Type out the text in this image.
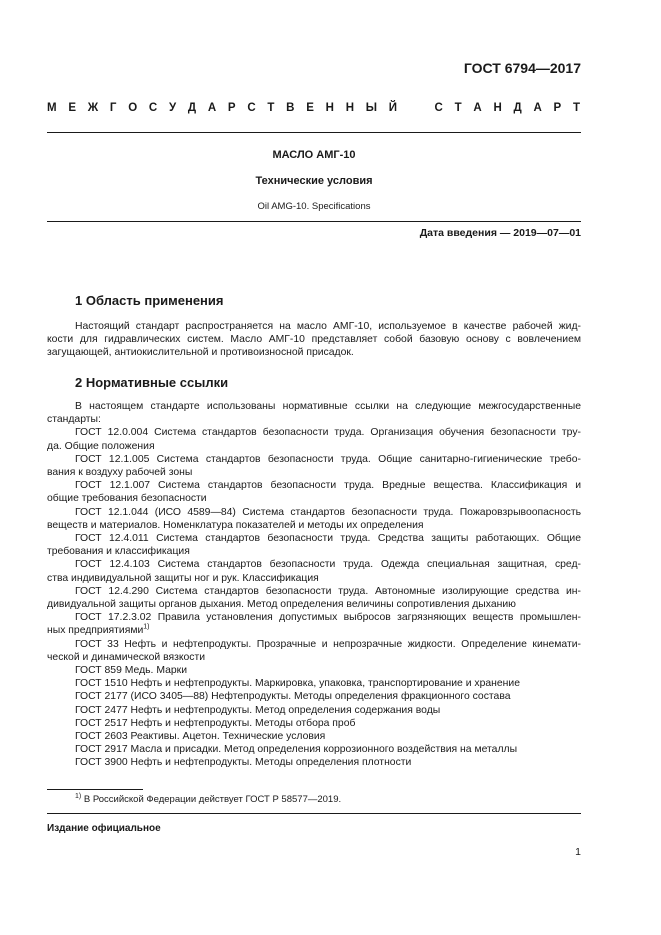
ГОСТ 6794—2017
М Е Ж Г О С У Д А Р С Т В Е Н Н Ы Й	С Т А Н Д А Р Т
МАСЛО АМГ-10
Технические условия
Oil AMG-10. Specifications
Дата введения — 2019—07—01
1 Область применения
Настоящий стандарт распространяется на масло АМГ-10, используемое в качестве рабочей жид-
кости для гидравлических систем. Масло АМГ-10 представляет собой базовую основу с вовлечением
загущающей, антиокислительной и противоизносной присадок.
2 Нормативные ссылки
В настоящем стандарте использованы нормативные ссылки на следующие межгосударственные
стандарты:
ГОСТ 12.0.004 Система стандартов безопасности труда. Организация обучения безопасности тру-
да. Общие положения
ГОСТ 12.1.005 Система стандартов безопасности труда. Общие санитарно-гигиенические требо-
вания к воздуху рабочей зоны
ГОСТ 12.1.007 Система стандартов безопасности труда. Вредные вещества. Классификация и
общие требования безопасности
ГОСТ 12.1.044 (ИСО 4589—84) Система стандартов безопасности труда. Пожаровзрывоопасность
веществ и материалов. Номенклатура показателей и методы их определения
ГОСТ 12.4.011 Система стандартов безопасности труда. Средства защиты работающих. Общие
требования и классификация
ГОСТ 12.4.103 Система стандартов безопасности труда. Одежда специальная защитная, сред-
ства индивидуальной защиты ног и рук. Классификация
ГОСТ 12.4.290 Система стандартов безопасности труда. Автономные изолирующие средства ин-
дивидуальной защиты органов дыхания. Метод определения величины сопротивления дыханию
ГОСТ 17.2.3.02 Правила установления допустимых выбросов загрязняющих веществ промышлен-
ных предприятиями$^{1)}$
ГОСТ 33 Нефть и нефтепродукты. Прозрачные и непрозрачные жидкости. Определение кинемати-
ческой и динамической вязкости
ГОСТ 859 Медь. Марки
ГОСТ 1510 Нефть и нефтепродукты. Маркировка, упаковка, транспортирование и хранение
ГОСТ 2177 (ИСО 3405—88) Нефтепродукты. Методы определения фракционного состава
ГОСТ 2477 Нефть и нефтепродукты. Метод определения содержания воды
ГОСТ 2517 Нефть и нефтепродукты. Методы отбора проб
ГОСТ 2603 Реактивы. Ацетон. Технические условия
ГОСТ 2917 Масла и присадки. Метод определения коррозионного воздействия на металлы
ГОСТ 3900 Нефть и нефтепродукты. Методы определения плотности
$^{1)}$ В Российской Федерации действует ГОСТ Р 58577—2019.
Издание официальное
1
